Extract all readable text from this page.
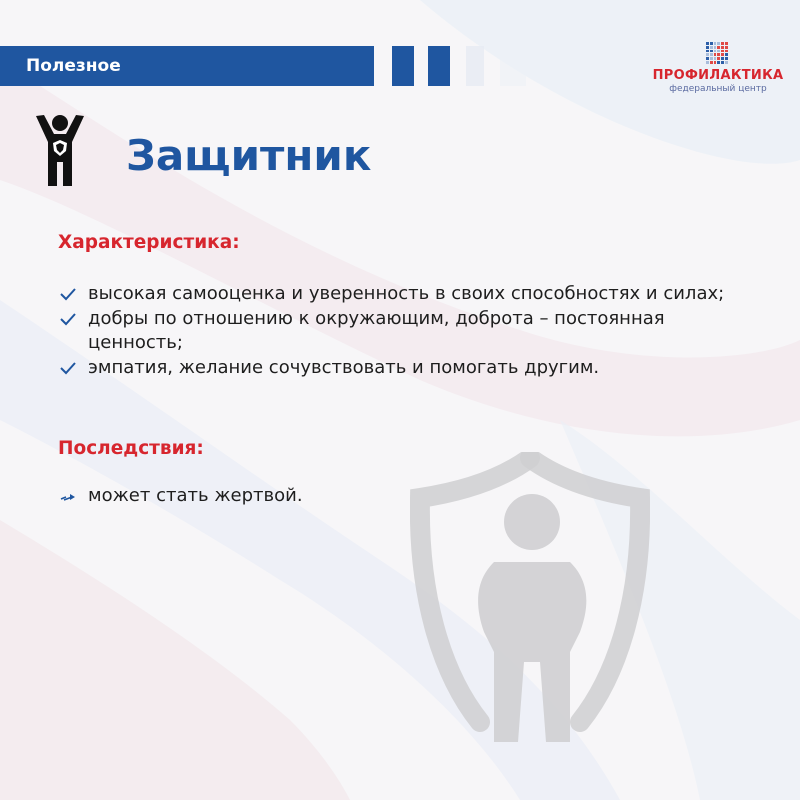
Полезное	ПРОФИЛАКТИКА
федеральный центр
Защитник
Характеристика:
высокая самооценка и уверенность в своих способностях и силах;
добры по отношению к окружающим, доброта – постоянная ценность;
эмпатия, желание сочувствовать и помогать другим.
Последствия:
может стать жертвой.
